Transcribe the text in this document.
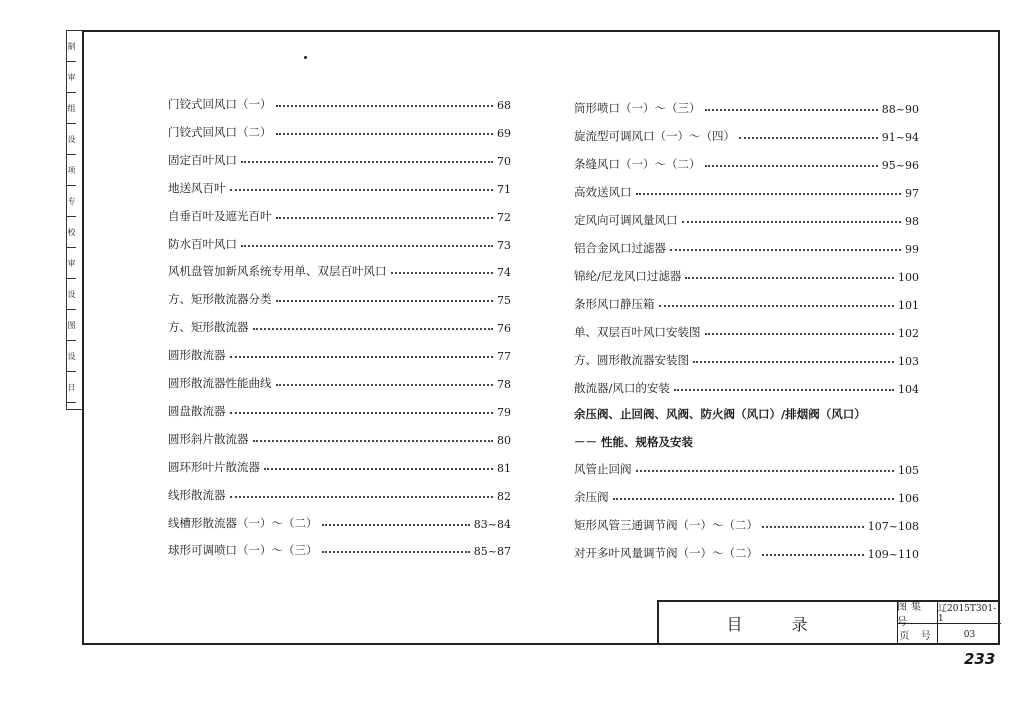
制
审
组
设
项
专
校
审
设
图
设
日
门铰式回风口（一）	68
门铰式回风口（二）	69
固定百叶风口	70
地送风百叶	71
自垂百叶及遮光百叶	72
防水百叶风口	73
风机盘管加新风系统专用单、双层百叶风口	74
方、矩形散流器分类	75
方、矩形散流器	76
圆形散流器	77
圆形散流器性能曲线	78
圆盘散流器	79
圆形斜片散流器	80
圆环形叶片散流器	81
线形散流器	82
线槽形散流器（一）～（二）	83~84
球形可调喷口（一）～（三）	85~87
筒形喷口（一）～（三）	88~90
旋流型可调风口（一）～（四）	91~94
条缝风口（一）～（二）	95~96
高效送风口	97
定风向可调风量风口	98
铝合金风口过滤器	99
锦纶/尼龙风口过滤器	100
条形风口静压箱	101
单、双层百叶风口安装图	102
方、圆形散流器安装图	103
散流器/风口的安装	104
风管止回阀	105
余压阀	106
矩形风管三通调节阀（一）～（二）	107~108
对开多叶风量调节阀（一）～（二）	109~110
余压阀、止回阀、风阀、防火阀（风口）/排烟阀（风口）
－－ 性能、规格及安装
目 录
图集号
辽2015T301-1
页 号	03
233
